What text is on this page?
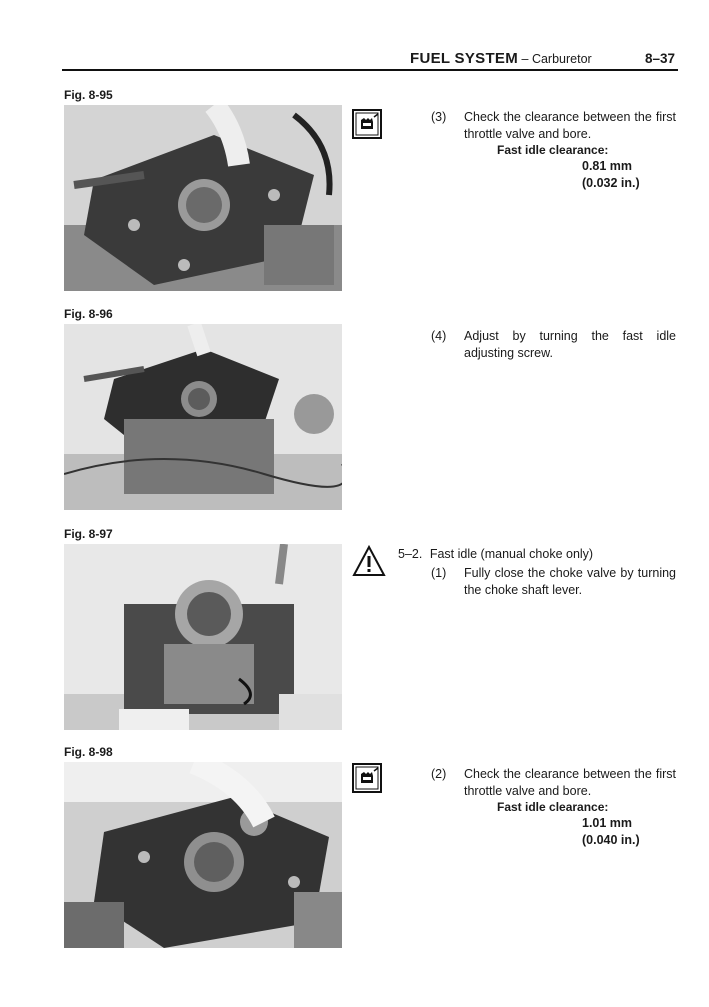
FUEL SYSTEM – Carburetor	8–37
Fig. 8-95
Fig. 8-96
Fig. 8-97
Fig. 8-98
(3) Check the clearance between the first throttle valve and bore.
Fast idle clearance:
0.81 mm
(0.032 in.)
(4) Adjust by turning the fast idle adjusting screw.
5–2. Fast idle (manual choke only)
(1) Fully close the choke valve by turning the choke shaft lever.
(2) Check the clearance between the first throttle valve and bore.
Fast idle clearance:
1.01 mm
(0.040 in.)
